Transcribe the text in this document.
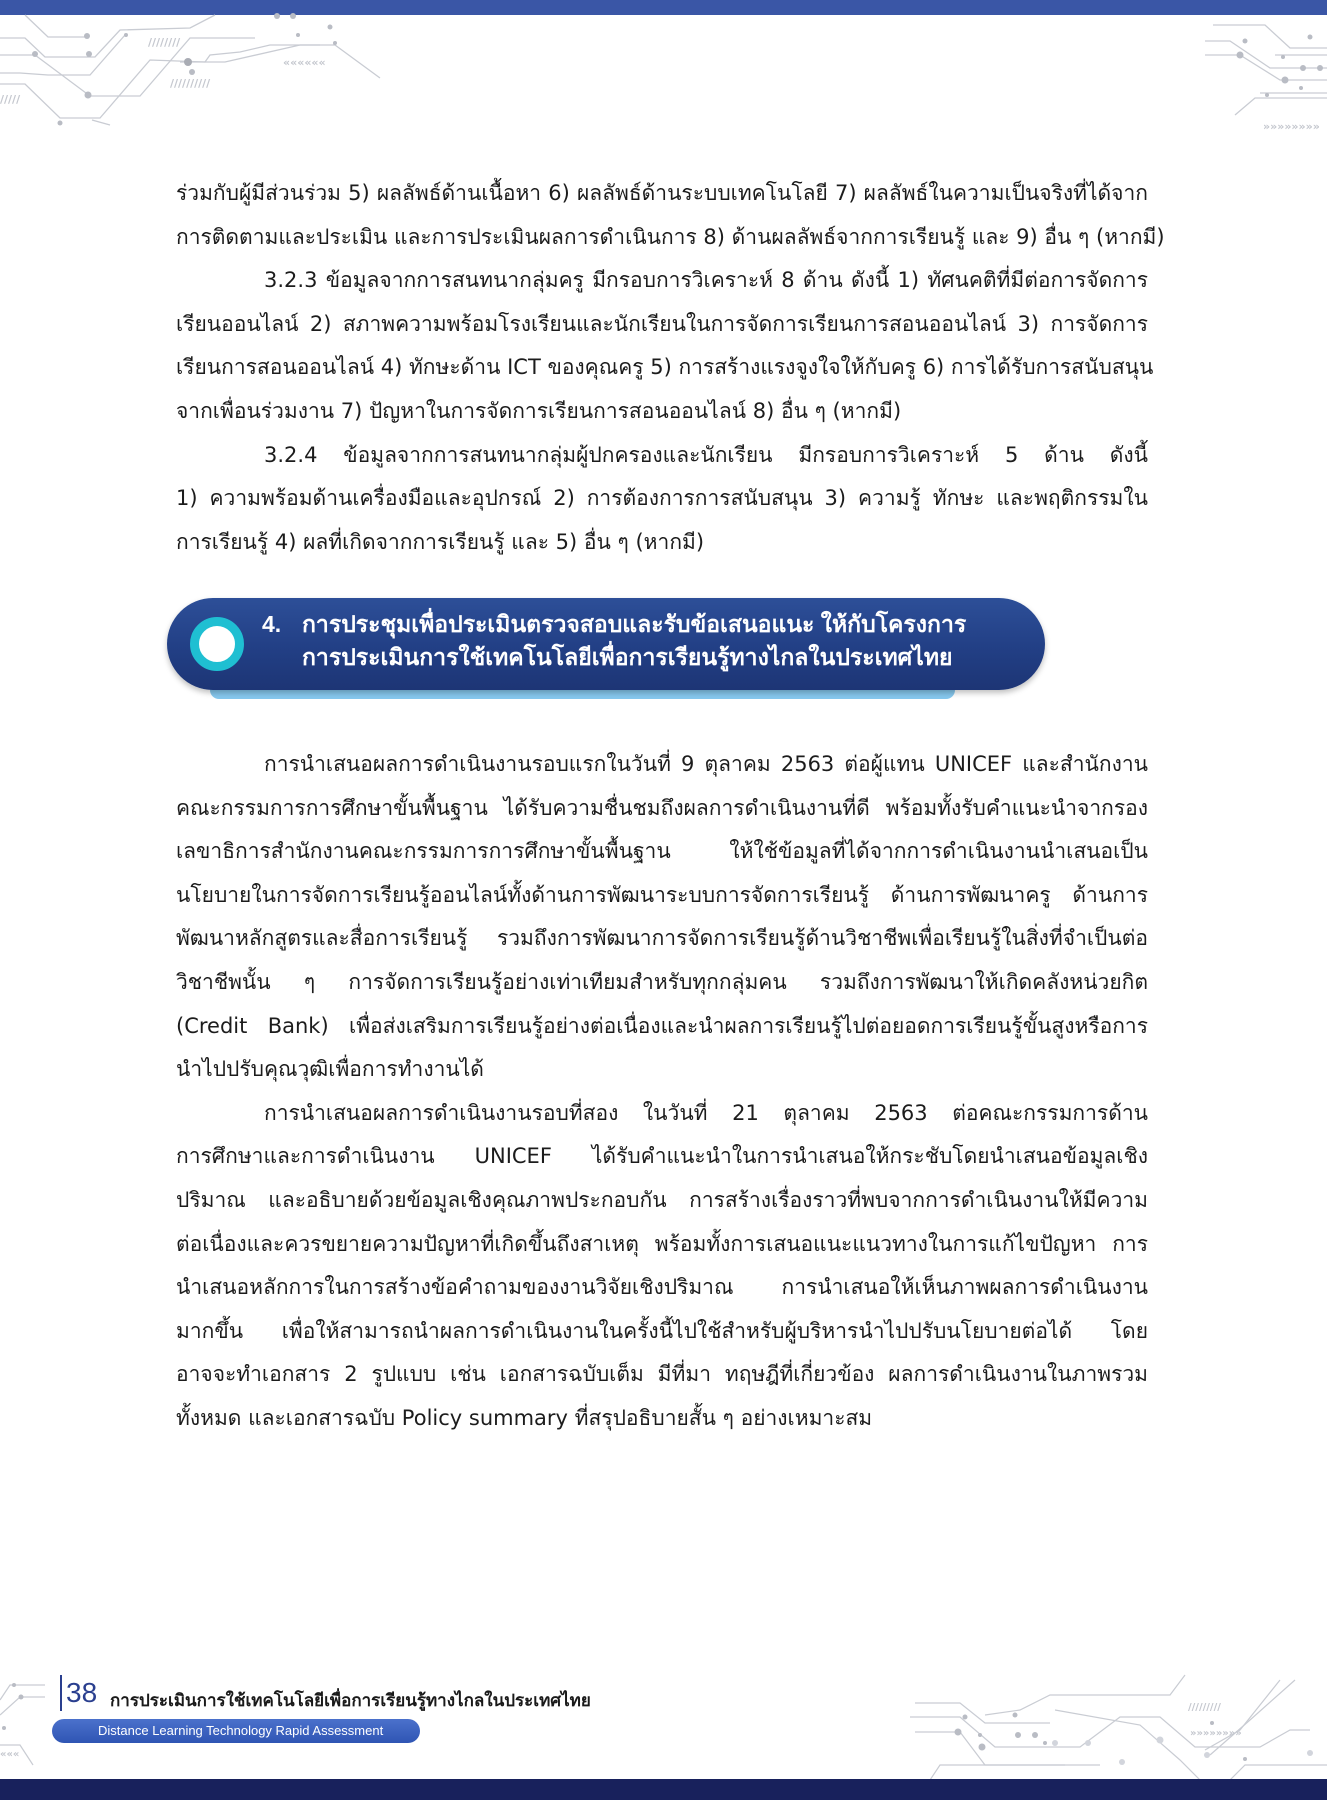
////////
//////////
/////
««««««
»»»»»»»»
ร่วมกับผู้มีส่วนร่วม 5) ผลลัพธ์ด้านเนื้อหา 6) ผลลัพธ์ด้านระบบเทคโนโลยี 7) ผลลัพธ์ในความเป็นจริงที่ได้จาก
การติดตามและประเมิน และการประเมินผลการดำเนินการ 8) ด้านผลลัพธ์จากการเรียนรู้ และ 9) อื่น ๆ (หากมี)
3.2.3 ข้อมูลจากการสนทนากลุ่มครู มีกรอบการวิเคราะห์ 8 ด้าน ดังนี้ 1) ทัศนคติที่มีต่อการจัดการ
เรียนออนไลน์ 2) สภาพความพร้อมโรงเรียนและนักเรียนในการจัดการเรียนการสอนออนไลน์ 3) การจัดการ
เรียนการสอนออนไลน์ 4) ทักษะด้าน ICT ของคุณครู 5) การสร้างแรงจูงใจให้กับครู 6) การได้รับการสนับสนุน
จากเพื่อนร่วมงาน 7) ปัญหาในการจัดการเรียนการสอนออนไลน์ 8) อื่น ๆ (หากมี)
3.2.4 ข้อมูลจากการสนทนากลุ่มผู้ปกครองและนักเรียน มีกรอบการวิเคราะห์ 5 ด้าน ดังนี้
1) ความพร้อมด้านเครื่องมือและอุปกรณ์ 2) การต้องการการสนับสนุน 3) ความรู้ ทักษะ และพฤติกรรมใน
การเรียนรู้ 4) ผลที่เกิดจากการเรียนรู้ และ 5) อื่น ๆ (หากมี)
4. การประชุมเพื่อประเมินตรวจสอบและรับข้อเสนอแนะ ให้กับโครงการ
การประเมินการใช้เทคโนโลยีเพื่อการเรียนรู้ทางไกลในประเทศไทย
การนำเสนอผลการดำเนินงานรอบแรกในวันที่ 9 ตุลาคม 2563 ต่อผู้แทน UNICEF และสำนักงาน
คณะกรรมการการศึกษาขั้นพื้นฐาน ได้รับความชื่นชมถึงผลการดำเนินงานที่ดี พร้อมทั้งรับคำแนะนำจากรอง
เลขาธิการสำนักงานคณะกรรมการการศึกษาขั้นพื้นฐาน ให้ใช้ข้อมูลที่ได้จากการดำเนินงานนำเสนอเป็น
นโยบายในการจัดการเรียนรู้ออนไลน์ทั้งด้านการพัฒนาระบบการจัดการเรียนรู้ ด้านการพัฒนาครู ด้านการ
พัฒนาหลักสูตรและสื่อการเรียนรู้ รวมถึงการพัฒนาการจัดการเรียนรู้ด้านวิชาชีพเพื่อเรียนรู้ในสิ่งที่จำเป็นต่อ
วิชาชีพนั้น ๆ การจัดการเรียนรู้อย่างเท่าเทียมสำหรับทุกกลุ่มคน รวมถึงการพัฒนาให้เกิดคลังหน่วยกิต
(Credit Bank) เพื่อส่งเสริมการเรียนรู้อย่างต่อเนื่องและนำผลการเรียนรู้ไปต่อยอดการเรียนรู้ขั้นสูงหรือการ
นำไปปรับคุณวุฒิเพื่อการทำงานได้
การนำเสนอผลการดำเนินงานรอบที่สอง ในวันที่ 21 ตุลาคม 2563 ต่อคณะกรรมการด้าน
การศึกษาและการดำเนินงาน UNICEF ได้รับคำแนะนำในการนำเสนอให้กระชับโดยนำเสนอข้อมูลเชิง
ปริมาณ และอธิบายด้วยข้อมูลเชิงคุณภาพประกอบกัน การสร้างเรื่องราวที่พบจากการดำเนินงานให้มีความ
ต่อเนื่องและควรขยายความปัญหาที่เกิดขึ้นถึงสาเหตุ พร้อมทั้งการเสนอแนะแนวทางในการแก้ไขปัญหา การ
นำเสนอหลักการในการสร้างข้อคำถามของงานวิจัยเชิงปริมาณ การนำเสนอให้เห็นภาพผลการดำเนินงาน
มากขึ้น เพื่อให้สามารถนำผลการดำเนินงานในครั้งนี้ไปใช้สำหรับผู้บริหารนำไปปรับนโยบายต่อได้ โดย
อาจจะทำเอกสาร 2 รูปแบบ เช่น เอกสารฉบับเต็ม มีที่มา ทฤษฎีที่เกี่ยวข้อง ผลการดำเนินงานในภาพรวม
ทั้งหมด และเอกสารฉบับ Policy summary ที่สรุปอธิบายสั้น ๆ อย่างเหมาะสม
«««
/////////
»»»»»»»»
38 การประเมินการใช้เทคโนโลยีเพื่อการเรียนรู้ทางไกลในประเทศไทย
Distance Learning Technology Rapid Assessment
